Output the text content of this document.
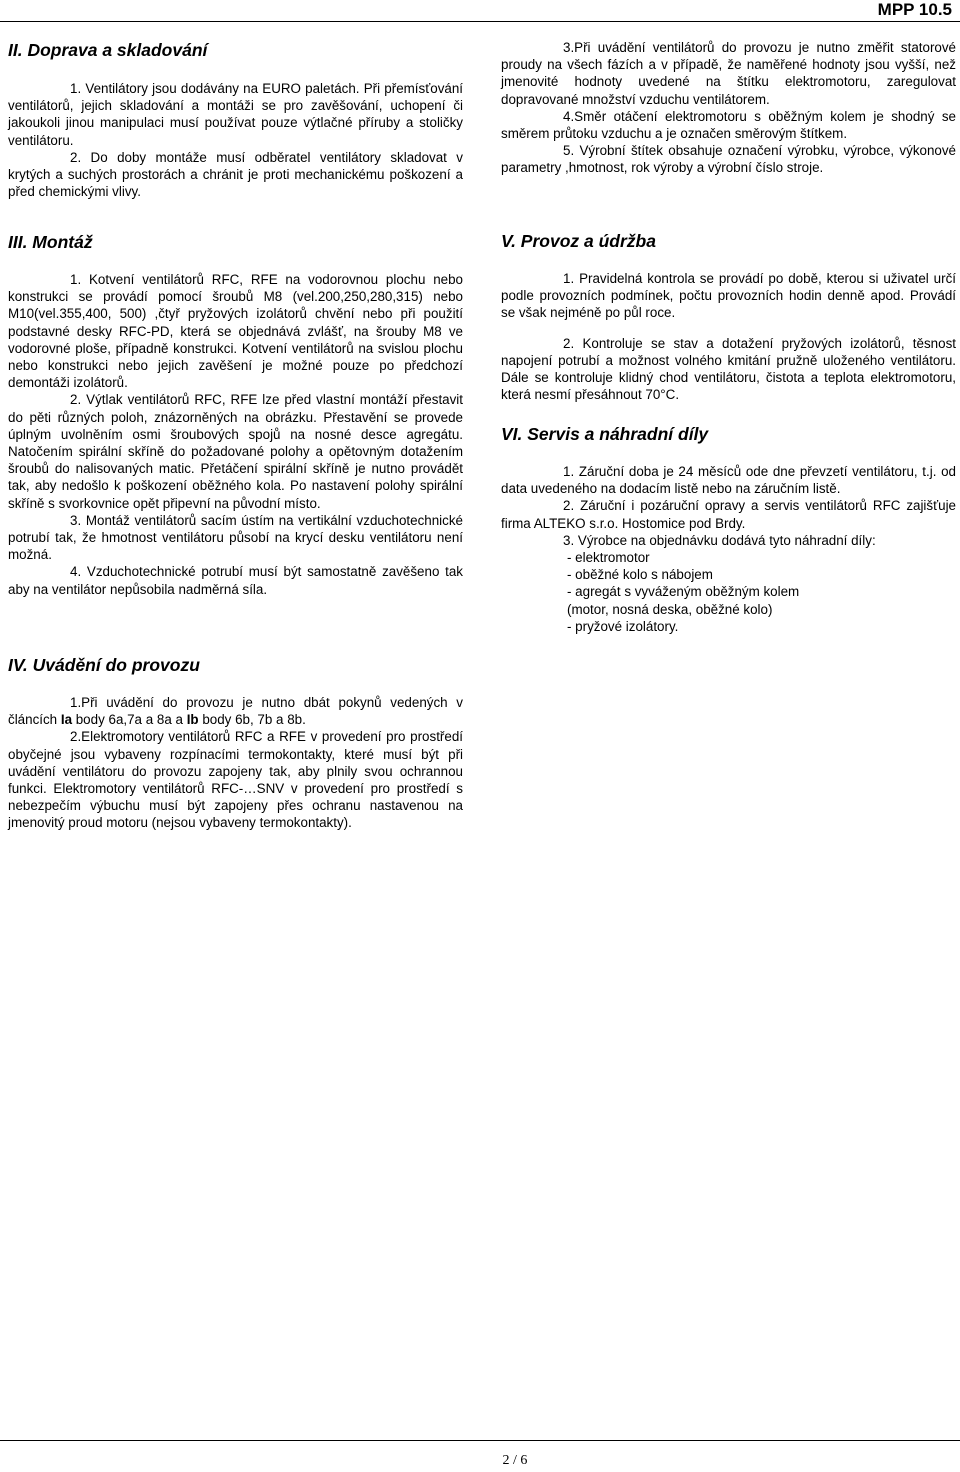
MPP 10.5
II. Doprava a skladování

1. Ventilátory jsou dodávány na EURO paletách. Při přemísťování ventilátorů, jejich skladování a montáži se pro zavěšování, uchopení či jakoukoli jinou manipulaci musí používat pouze výtlačné příruby a stoličky ventilátoru.

2. Do doby montáže musí odběratel ventilátory skladovat v krytých a suchých prostorách a chránit je proti mechanickému poškození a před chemickými vlivy.

3.Při uvádění ventilátorů do provozu je nutno změřit statorové proudy na všech fázích a v případě, že naměřené hodnoty jsou vyšší, než jmenovité hodnoty uvedené na štítku elektromotoru, zaregulovat dopravované množství vzduchu ventilátorem.

4.Směr otáčení elektromotoru s oběžným kolem je shodný se směrem průtoku vzduchu a je označen směrovým štítkem.

5. Výrobní štítek obsahuje označení výrobku, výrobce, výkonové parametry ,hmotnost, rok výroby a výrobní číslo stroje.

III. Montáž

1. Kotvení ventilátorů RFC, RFE na vodorovnou plochu nebo konstrukci se provádí pomocí šroubů M8 (vel.200,250,280,315) nebo M10(vel.355,400, 500) ,čtyř pryžových izolátorů chvění nebo při použití podstavné desky RFC-PD, která se objednává zvlášť, na šrouby M8 ve vodorovné ploše, případně konstrukci. Kotvení ventilátorů na svislou plochu nebo konstrukci nebo jejich zavěšení je možné pouze po předchozí demontáži izolátorů.

2. Výtlak ventilátorů RFC, RFE lze před vlastní montáží přestavit do pěti různých poloh, znázorněných na obrázku. Přestavění se provede úplným uvolněním osmi šroubových spojů na nosné desce agregátu. Natočením spirální skříně do požadované polohy a opětovným dotažením šroubů do nalisovaných matic. Přetáčení spirální skříně je nutno provádět tak, aby nedošlo k poškození oběžného kola. Po nastavení polohy spirální skříně s svorkovnice opět připevní na původní místo.

3. Montáž ventilátorů sacím ústím na vertikální vzduchotechnické potrubí tak, že hmotnost ventilátoru působí na krycí desku ventilátoru není možná.

4. Vzduchotechnické potrubí musí být samostatně zavěšeno tak aby na ventilátor nepůsobila nadměrná síla.

IV. Uvádění do provozu

1.Při uvádění do provozu je nutno dbát pokynů vedených v článcích Ia body 6a,7a a 8a a Ib body 6b, 7b a 8b.

2.Elektromotory ventilátorů RFC a RFE v provedení pro prostředí obyčejné jsou vybaveny rozpínacími termokontakty, které musí být při uvádění ventilátoru do provozu zapojeny tak, aby plnily svou ochrannou funkci. Elektromotory ventilátorů RFC-…SNV v provedení pro prostředí s nebezpečím výbuchu musí být zapojeny přes ochranu nastavenou na jmenovitý proud motoru (nejsou vybaveny termokontakty).

V. Provoz a údržba

1. Pravidelná kontrola se provádí po době, kterou si uživatel určí podle provozních podmínek, počtu provozních hodin denně apod. Provádí se však nejméně po půl roce.

2. Kontroluje se stav a dotažení pryžových izolátorů, těsnost napojení potrubí a možnost volného kmitání pružně uloženého ventilátoru. Dále se kontroluje klidný chod ventilátoru, čistota a teplota elektromotoru, která nesmí přesáhnout 70°C.

VI. Servis a náhradní díly

1. Záruční doba je 24 měsíců ode dne převzetí ventilátoru, t.j. od data uvedeného na dodacím listě nebo na záručním listě.

2. Záruční i pozáruční opravy a servis ventilátorů RFC zajišťuje firma ALTEKO s.r.o. Hostomice pod Brdy.

3. Výrobce na objednávku dodává tyto náhradní díly:

- elektromotor
- oběžné kolo s nábojem
- agregát s vyváženým oběžným kolem
(motor, nosná deska, oběžné kolo)
- pryžové izolátory.
2 / 6
